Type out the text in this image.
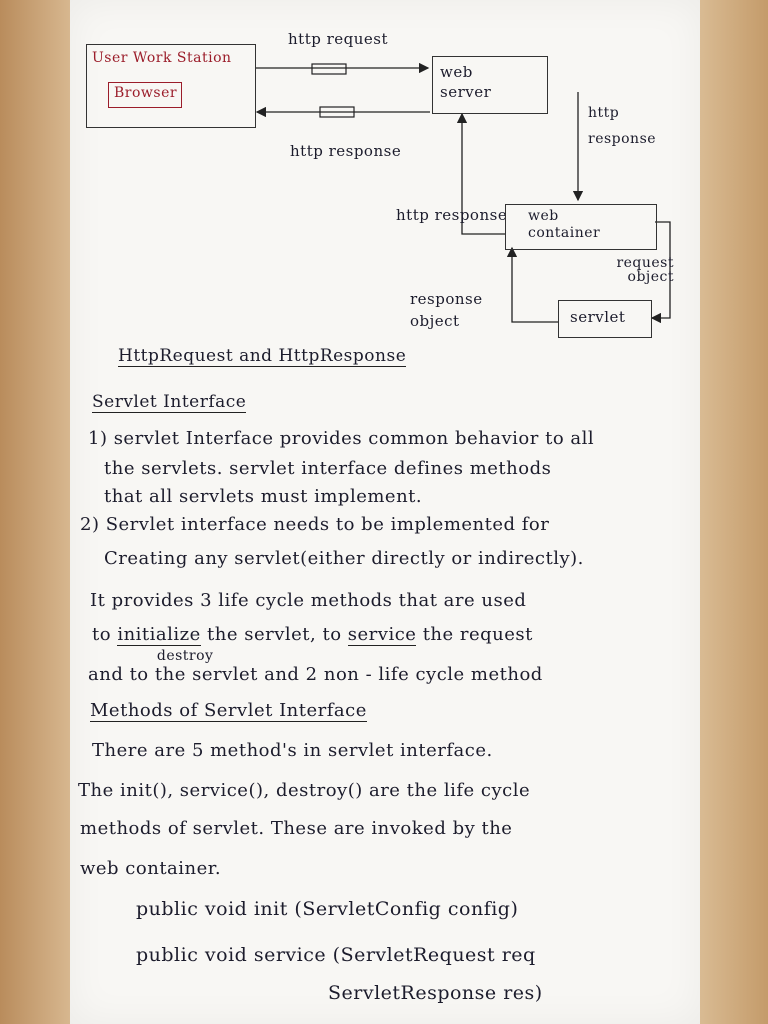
User Work Station
Browser
http request
http response
web server
http response
http response web container
request object
response object	servlet
HttpRequest and HttpResponse
Servlet Interface
1) servlet Interface provides common behavior to all
the servlets. servlet interface defines methods
that all servlets must implement.
2) Servlet interface needs to be implemented for
Creating any servlet(either directly or indirectly).
It provides 3 life cycle methods that are used
to initialize the servlet, to service the request
and to
destroy
the servlet and 2 non - life cycle method
Methods of Servlet Interface
There are 5 method's in servlet interface.
The init(), service(), destroy() are the life cycle
methods of servlet. These are invoked by the
web container.
public void init (ServletConfig config)
public void service (ServletRequest req
ServletResponse res)
